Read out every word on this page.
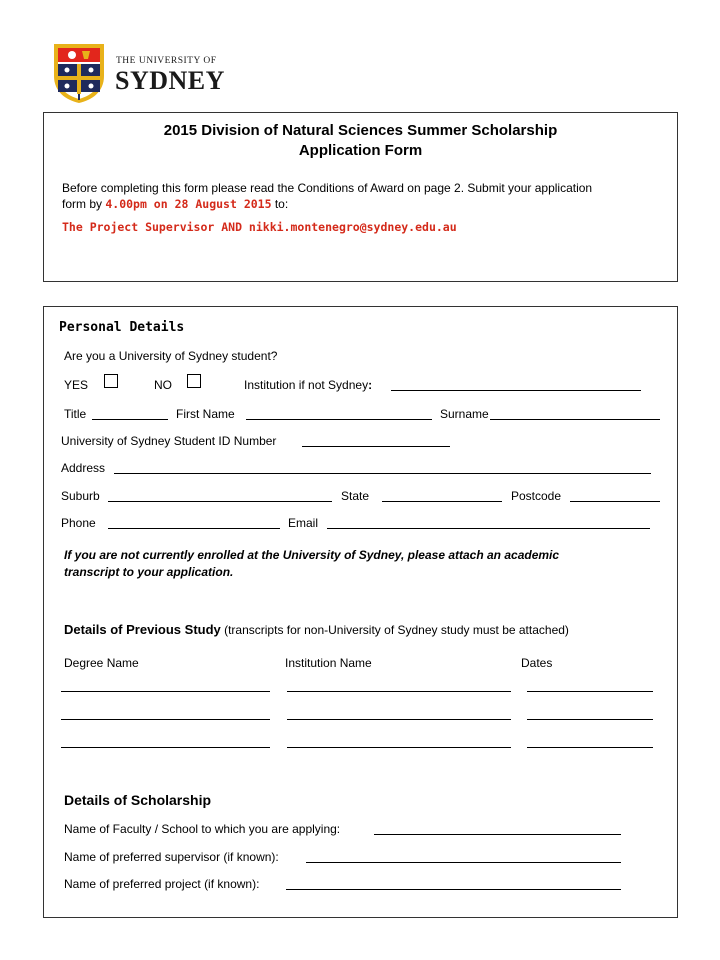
THE UNIVERSITY OF
SYDNEY
2015 Division of Natural Sciences Summer Scholarship
Application Form
Before completing this form please read the Conditions of Award on page 2. Submit your application
form by 4.00pm on 28 August 2015 to:
The Project Supervisor AND nikki.montenegro@sydney.edu.au
Personal Details
Are you a University of Sydney student?
YES	NO	Institution if not Sydney:
Title	First Name	Surname
University of Sydney Student ID Number
Address
Suburb	State	Postcode
Phone	Email
If you are not currently enrolled at the University of Sydney, please attach an academic
transcript to your application.
Details of Previous Study (transcripts for non-University of Sydney study must be attached)
Degree Name	Institution Name	Dates
Details of Scholarship
Name of Faculty / School to which you are applying:
Name of preferred supervisor (if known):
Name of preferred project (if known):
